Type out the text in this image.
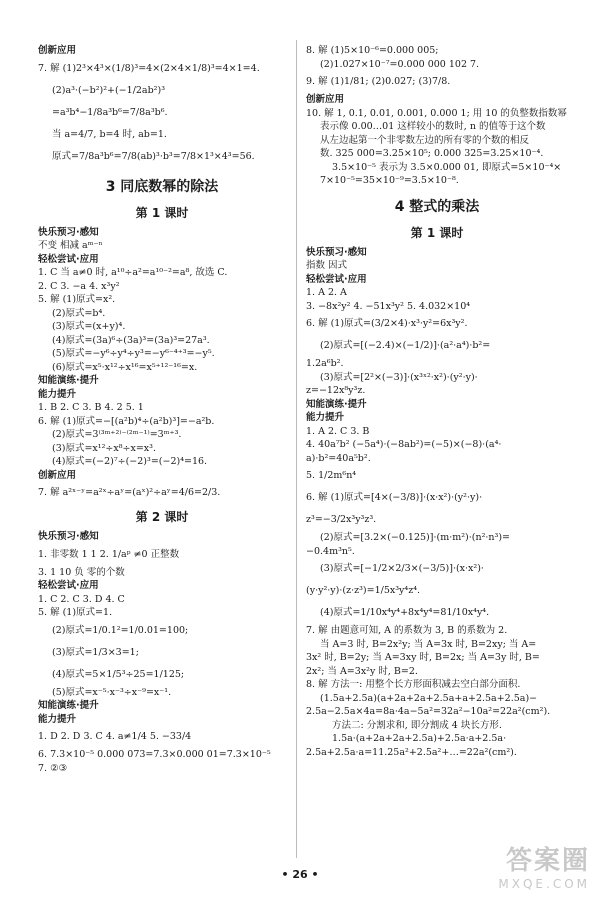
创新应用
7. 解 (1)2³×4³×(1/8)³=4×(2×4×1/8)³=4×1=4.
(2)a³·(−b²)²+(−1/2ab²)³
=a³b⁴−1/8a³b⁶=7/8a³b⁶.
当 a=4/7, b=4 时, ab=1.
原式=7/8a³b⁶=7/8(ab)³·b³=7/8×1³×4³=56.
3 同底数幂的除法
第 1 课时
快乐预习·感知
不变 相减 aᵐ⁻ⁿ
轻松尝试·应用
1. C 当 a≠0 时, a¹⁰÷a²=a¹⁰⁻²=a⁸, 故选 C.
2. C 3. −a 4. x³y²
5. 解 (1)原式=x².
(2)原式=b⁴.
(3)原式=(x+y)⁴.
(4)原式=(3a)⁶÷(3a)³=(3a)³=27a³.
(5)原式=−y⁶÷y⁴÷y³=−y⁶⁻⁴⁺³=−y⁵.
(6)原式=x⁵·x¹²÷x¹⁶=x⁵⁺¹²⁻¹⁶=x.
知能演练·提升
能力提升
1. B 2. C 3. B 4. 2 5. 1
6. 解 (1)原式=−[(a²b)⁴÷(a²b)³]=−a²b.
(2)原式=3⁽³ᵐ⁺²⁾⁻⁽²ᵐ⁻¹⁾=3ᵐ⁺³.
(3)原式=x¹²÷x⁸÷x=x³.
(4)原式=(−2)⁷÷(−2)³=(−2)⁴=16.
创新应用
7. 解 a²ˣ⁻ʸ=a²ˣ÷aʸ=(aˣ)²÷aʸ=4/6=2/3.
第 2 课时
快乐预习·感知
1. 非零数 1 1 2. 1/aᵖ ≠0 正整数
3. 1 10 负 零的个数
轻松尝试·应用
1. C 2. C 3. D 4. C
5. 解 (1)原式=1.
(2)原式=1/0.1²=1/0.01=100;
(3)原式=1/3×3=1;
(4)原式=5×1/5³÷25=1/125;
(5)原式=x⁻⁵·x⁻³÷x⁻⁹=x⁻¹.
知能演练·提升
能力提升
1. D 2. D 3. C 4. a≠1/4 5. −33/4
6. 7.3×10⁻⁵ 0.000 073=7.3×0.000 01=7.3×10⁻⁵
7. ②③
8. 解 (1)5×10⁻⁶=0.000 005;
(2)1.027×10⁻⁷=0.000 000 102 7.
9. 解 (1)1/81; (2)0.027; (3)7/8.
创新应用
10. 解 1, 0.1, 0.01, 0.001, 0.000 1; 用 10 的负整数指数幂
表示像 0.00…01 这样较小的数时, n 的值等于这个数
从左边起第一个非零数左边的所有零的个数的相反
数. 325 000=3.25×10⁵; 0.000 325=3.25×10⁻⁴.
3.5×10⁻⁵ 表示为 3.5×0.000 01, 即原式=5×10⁻⁴×
7×10⁻⁵=35×10⁻⁹=3.5×10⁻⁸.
4 整式的乘法
第 1 课时
快乐预习·感知
指数 因式
轻松尝试·应用
1. A 2. A
3. −8x²y² 4. −51x³y² 5. 4.032×10⁴
6. 解 (1)原式=(3/2×4)·x³·y²=6x³y².
(2)原式=[(−2.4)×(−1/2)]·(a²·a⁴)·b²=
1.2a⁶b².
(3)原式=[2²×(−3)]·(x³ˣ²·x²)·(y²·y)·
z=−12x⁸y³z.
知能演练·提升
能力提升
1. A 2. C 3. B
4. 40a⁷b² (−5a⁴)·(−8ab²)=(−5)×(−8)·(a⁴·
a)·b²=40a⁵b².
5. 1/2m⁶n⁴
6. 解 (1)原式=[4×(−3/8)]·(x·x²)·(y²·y)·
z³=−3/2x³y³z³.
(2)原式=[3.2×(−0.125)]·(m·m²)·(n²·n³)=
−0.4m³n⁵.
(3)原式=[−1/2×2/3×(−3/5)]·(x·x²)·
(y·y²·y)·(z·z³)=1/5x³y⁴z⁴.
(4)原式=1/10x⁴y⁴+8x⁴y⁴=81/10x⁴y⁴.
7. 解 由题意可知, A 的系数为 3, B 的系数为 2.
当 A=3 时, B=2x²y; 当 A=3x 时, B=2xy; 当 A=
3x² 时, B=2y; 当 A=3xy 时, B=2x; 当 A=3y 时, B=
2x²; 当 A=3x²y 时, B=2.
8. 解 方法一: 用整个长方形面积减去空白部分面积.
(1.5a+2.5a)(a+2a+2a+2.5a+a+2.5a+2.5a)−
2.5a−2.5a×4a=8a·4a−5a²=32a²−10a²=22a²(cm²).
方法二: 分割求和, 即分割成 4 块长方形.
1.5a·(a+2a+2a+2.5a)+2.5a·a+2.5a·
2.5a+2.5a·a=11.25a²+2.5a²+…=22a²(cm²).
• 26 •	答案圈
MXQE.COM
